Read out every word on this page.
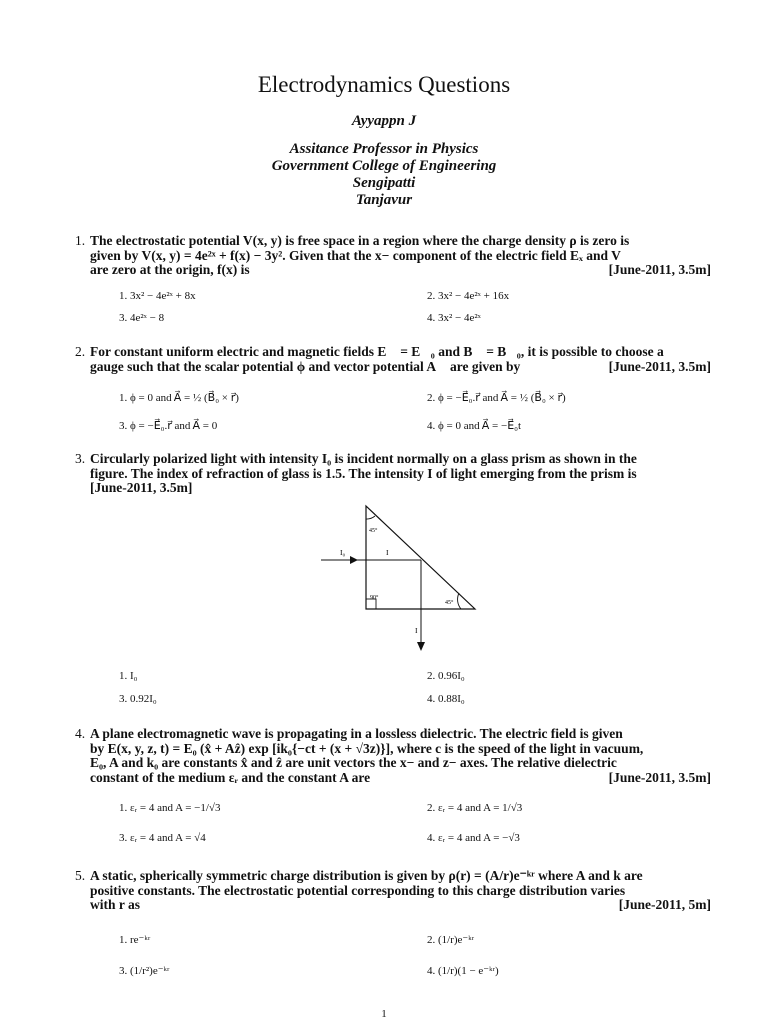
Electrodynamics Questions
Ayyappn J
Assitance Professor in Physics
Government College of Engineering
Sengipatti
Tanjavur
1. The electrostatic potential V(x, y) is free space in a region where the charge density ρ is zero is
given by V(x, y) = 4e²ˣ + f(x) − 3y². Given that the x− component of the electric field Eₓ and V
are zero at the origin, f(x) is	[June-2011, 3.5m]
1. 3x² − 4e²ˣ + 8x	2. 3x² − 4e²ˣ + 16x
3. 4e²ˣ − 8	4. 3x² − 4e²ˣ
2. For constant uniform electric and magnetic fields E⃗ = E⃗₀ and B⃗ = B⃗₀, it is possible to choose a
gauge such that the scalar potential ϕ and vector potential A⃗ are given by	[June-2011, 3.5m]
1. ϕ = 0 and A⃗ = ½ (B⃗₀ × r⃗)	2. ϕ = −E⃗₀.r⃗ and A⃗ = ½ (B⃗₀ × r⃗)
3. ϕ = −E⃗₀.r⃗ and A⃗ = 0	4. ϕ = 0 and A⃗ = −E⃗₀t
3. Circularly polarized light with intensity I₀ is incident normally on a glass prism as shown in the
figure. The index of refraction of glass is 1.5. The intensity I of light emerging from the prism is
[June-2011, 3.5m]
I₀	I
I
45°
90°
45°
1. I₀	2. 0.96I₀
3. 0.92I₀	4. 0.88I₀
4. A plane electromagnetic wave is propagating in a lossless dielectric. The electric field is given
by E(x, y, z, t) = E₀ (x̂ + Aẑ) exp [ik₀{−ct + (x + √3z)}], where c is the speed of the light in vacuum,
E₀, A and k₀ are constants x̂ and ẑ are unit vectors the x− and z− axes. The relative dielectric
constant of the medium εᵣ and the constant A are	[June-2011, 3.5m]
1. εᵣ = 4 and A = −1/√3	2. εᵣ = 4 and A = 1/√3
3. εᵣ = 4 and A = √4	4. εᵣ = 4 and A = −√3
5. A static, spherically symmetric charge distribution is given by ρ(r) = (A/r)e⁻ᵏʳ where A and k are
positive constants. The electrostatic potential corresponding to this charge distribution varies
with r as	[June-2011, 5m]
1. re⁻ᵏʳ	2. (1/r)e⁻ᵏʳ
3. (1/r²)e⁻ᵏʳ	4. (1/r)(1 − e⁻ᵏʳ)
1
